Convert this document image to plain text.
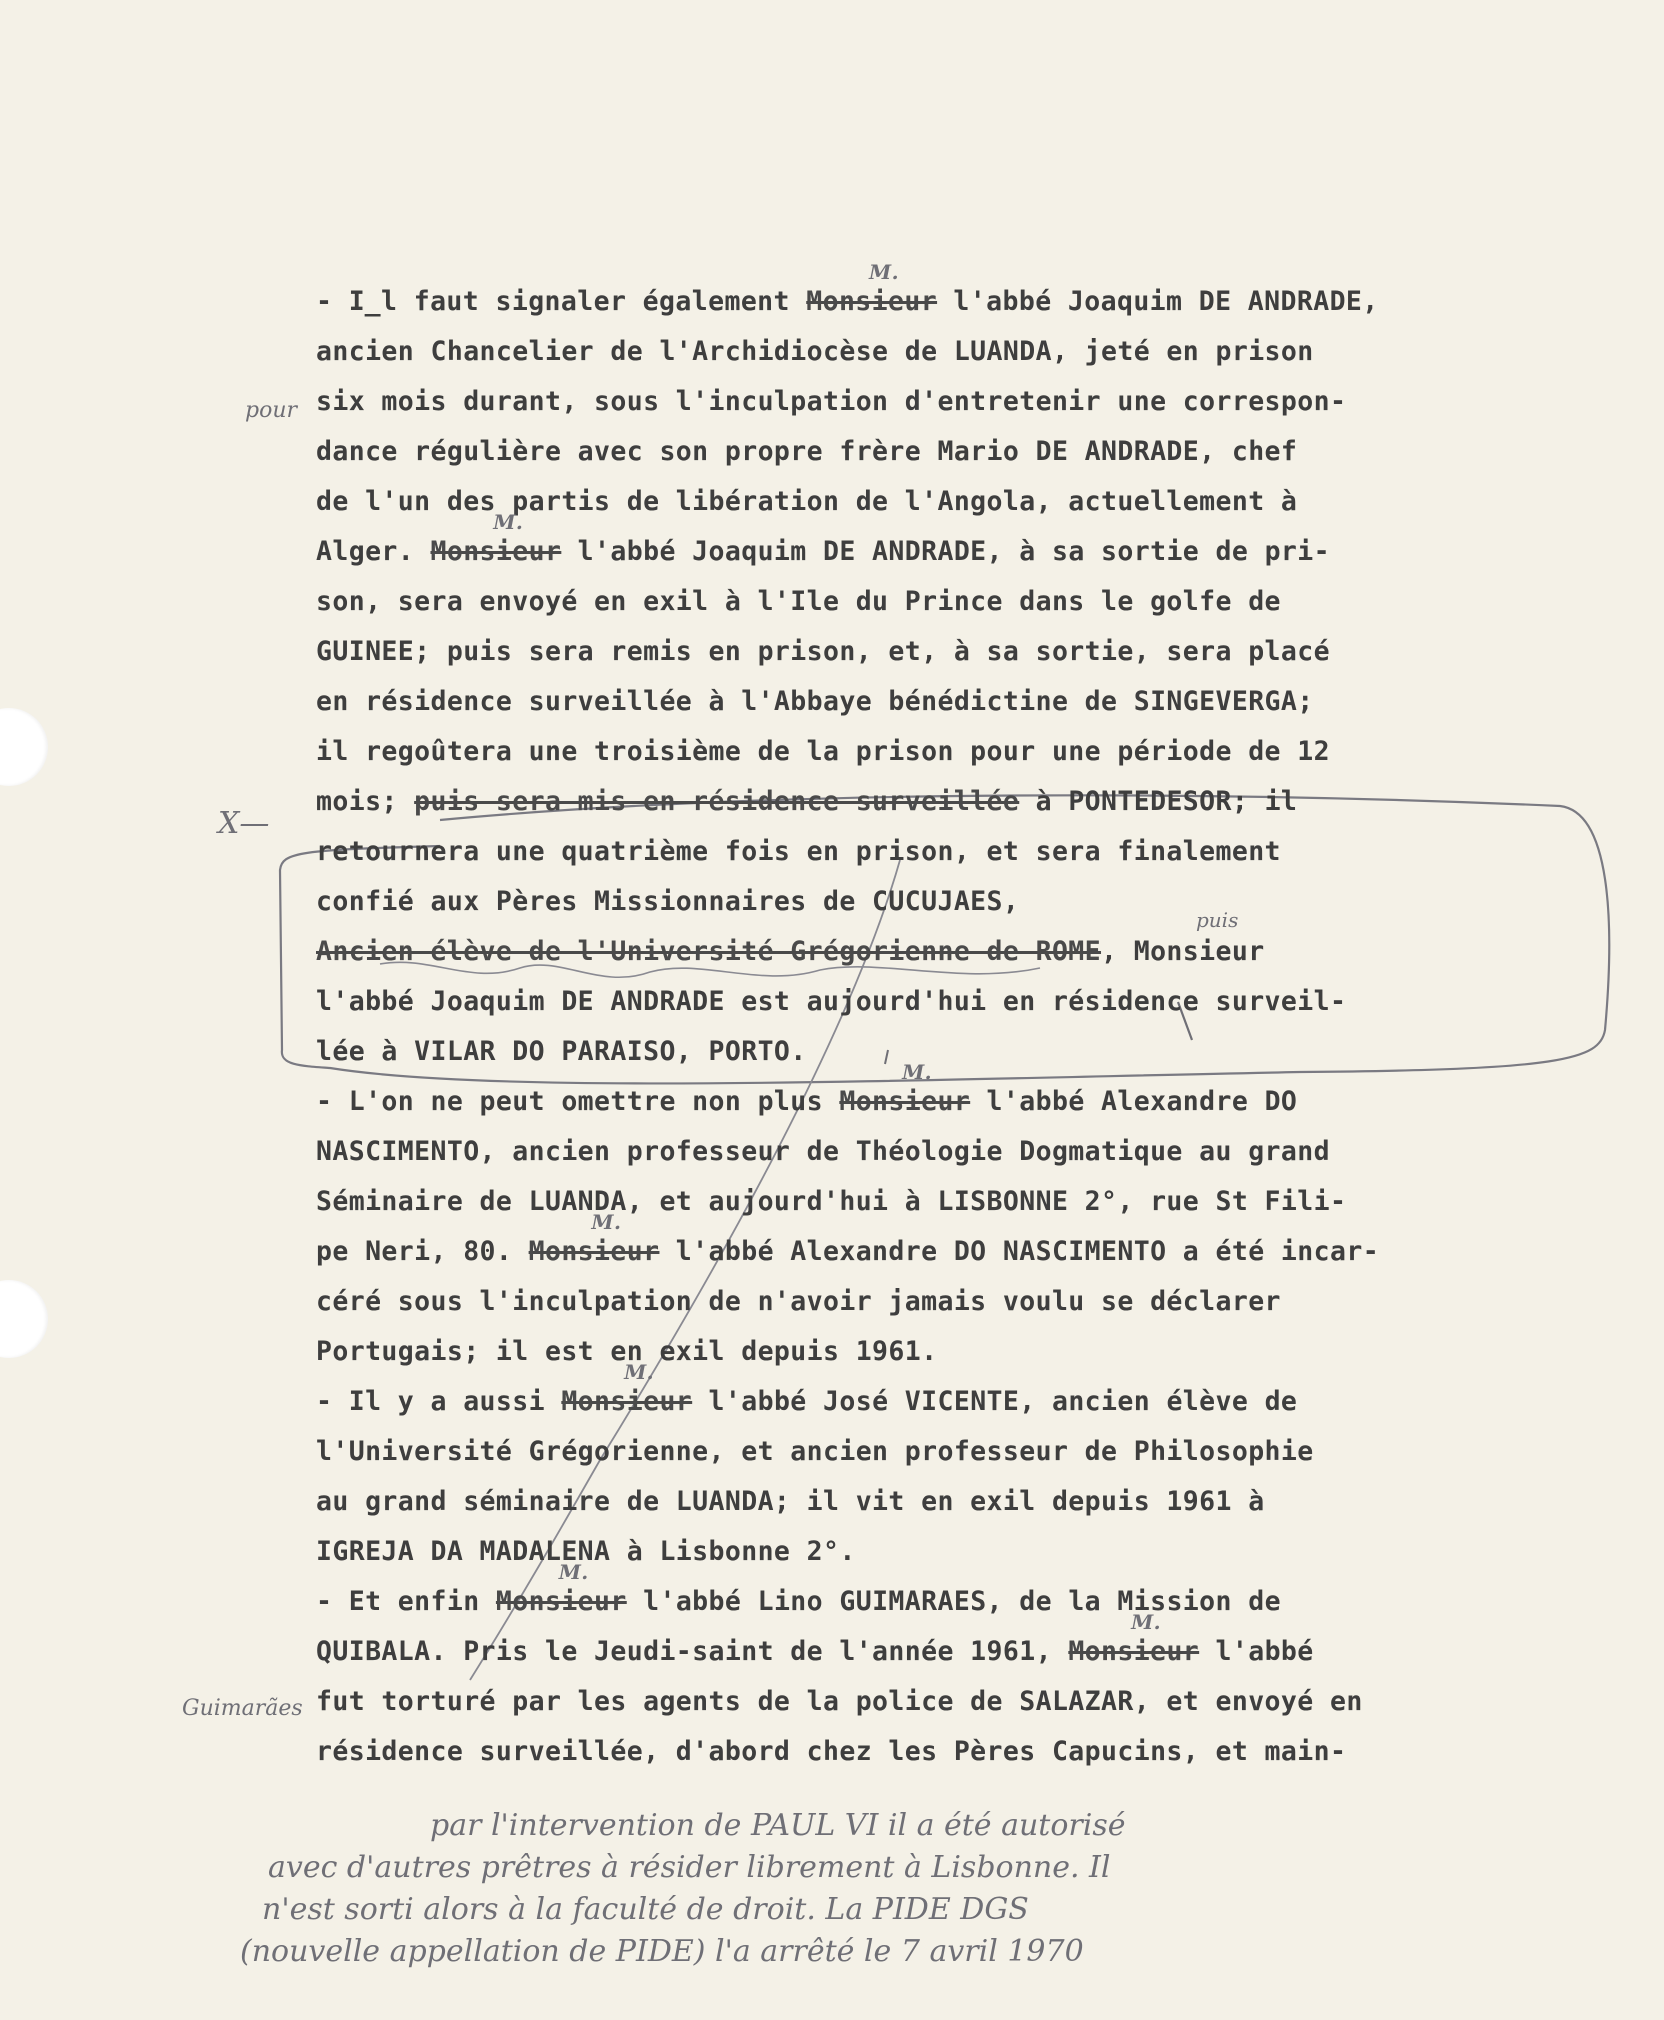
- I̲l faut signaler également Monsieur
M.
l'abbé Joaquim DE ANDRADE,
ancien Chancelier de l'Archidiocèse de LUANDA, jeté en prison
six mois durant, sous l'inculpation d'entretenir une correspon-
dance régulière avec son propre frère Mario DE ANDRADE, chef
de l'un des partis de libération de l'Angola, actuellement à
Alger. Monsieur
M.
l'abbé Joaquim DE ANDRADE, à sa sortie de pri-
son, sera envoyé en exil à l'Ile du Prince dans le golfe de
GUINEE; puis sera remis en prison, et, à sa sortie, sera placé
en résidence surveillée à l'Abbaye bénédictine de SINGEVERGA;
il regoûtera une troisième de la prison pour une période de 12
mois; puis sera mis en résidence surveillée à PONTEDESOR; il
retournera une quatrième fois en prison, et sera finalement
confié aux Pères Missionnaires de CUCUJAES,
Ancien élève de l'Université Grégorienne de ROME, Monsieur
l'abbé Joaquim DE ANDRADE est aujourd'hui en résidence surveil-
lée à VILAR DO PARAISO, PORTO.
- L'on ne peut omettre non plus Monsieur
M.
l'abbé Alexandre DO
NASCIMENTO, ancien professeur de Théologie Dogmatique au grand
Séminaire de LUANDA, et aujourd'hui à LISBONNE 2°, rue St Fili-
pe Neri, 80. Monsieur
M.
l'abbé Alexandre DO NASCIMENTO a été incar-
céré sous l'inculpation de n'avoir jamais voulu se déclarer
Portugais; il est en exil depuis 1961.
- Il y a aussi Monsieur
M.
l'abbé José VICENTE, ancien élève de
l'Université Grégorienne, et ancien professeur de Philosophie
au grand séminaire de LUANDA; il vit en exil depuis 1961 à
IGREJA DA MADALENA à Lisbonne 2°.
- Et enfin Monsieur
M.
l'abbé Lino GUIMARAES, de la Mission de
QUIBALA. Pris le Jeudi-saint de l'année 1961, Monsieur
M.
l'abbé
fut torturé par les agents de la police de SALAZAR, et envoyé en
résidence surveillée, d'abord chez les Pères Capucins, et main-
pour
X—
puis
Guimarães
par l'intervention de PAUL VI il a été autorisé
avec d'autres prêtres à résider librement à Lisbonne. Il
n'est sorti alors à la faculté de droit. La PIDE DGS
(nouvelle appellation de PIDE) l'a arrêté le 7 avril 1970
